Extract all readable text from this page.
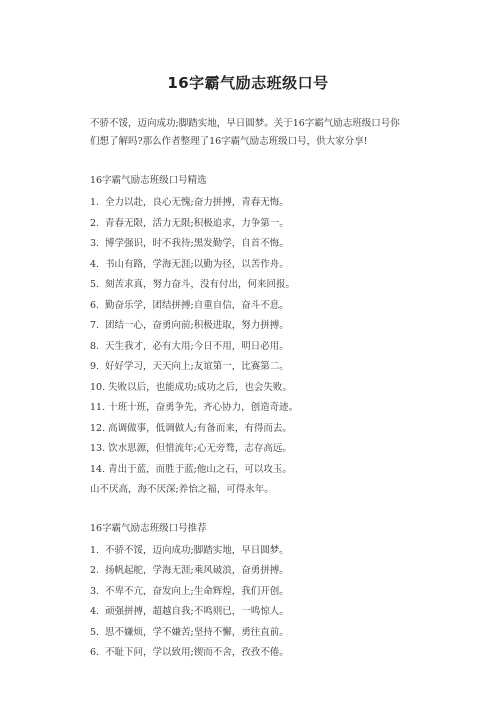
16字霸气励志班级口号

不骄不馁，迈向成功;脚踏实地，早日圆梦。关于16字霸气励志班级口号你们想了解吗?那么作者整理了16字霸气励志班级口号，供大家分享!

16字霸气励志班级口号精选
1. 全力以赴，良心无愧;奋力拼搏，青春无悔。
2. 青春无限，活力无限;积极追求，力争第一。
3. 博学强识，时不我待;黑发勤学，自首不悔。
4. 书山有路，学海无涯;以勤为径，以苦作舟。
5. 刻苦求真，努力奋斗，没有付出，何来回报。
6. 勤奋乐学，团结拼搏;自重自信，奋斗不息。
7. 团结一心，奋勇向前;积极进取，努力拼搏。
8. 天生我才，必有大用;今日不用，明日必用。
9. 好好学习，天天向上;友谊第一，比赛第二。
10. 失败以后，也能成功;成功之后，也会失败。
11. 十班十班，奋勇争先，齐心协力，创造奇迹。
12. 高调做事，低调做人;有备而来，有得而去。
13. 饮水思源，但惜流年;心无旁骛，志存高远。
14. 青出于蓝，而胜于蓝;他山之石，可以攻玉。
山不厌高，海不厌深;养怡之福，可得永年。
16字霸气励志班级口号推荐
1. 不骄不馁，迈向成功;脚踏实地，早日圆梦。
2. 扬帆起舵，学海无涯;乘风破浪，奋勇拼搏。
3. 不卑不亢，奋发向上;生命辉煌，我们开创。
4. 顽强拼搏，超越自我;不鸣则已，一鸣惊人。
5. 思不嫌烦，学不嫌苦;坚持不懈，勇往直前。
6. 不耻下问，学以致用;锲而不舍，孜孜不倦。
